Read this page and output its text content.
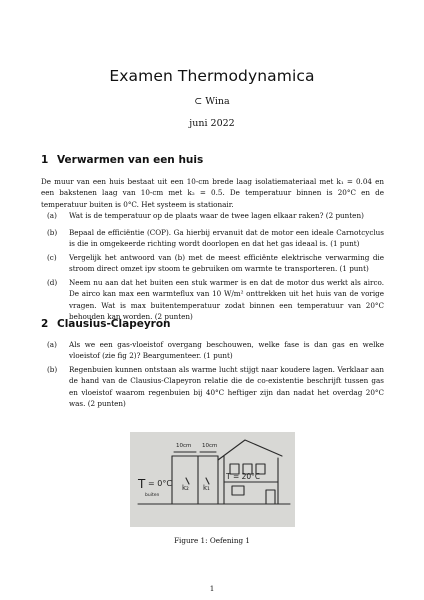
Examen Thermodynamica
⊂ Wina
juni 2022
1 Verwarmen van een huis
De muur van een huis bestaat uit een 10-cm brede laag isolatiemateriaal met k₁ = 0.04 en een bakstenen laag van 10-cm met k₂ = 0.5. De temperatuur binnen is 20°C en de temperatuur buiten is 0°C. Het systeem is stationair.
(a)	Wat is de temperatuur op de plaats waar de twee lagen elkaar raken? (2 punten)
(b)	Bepaal de efficiëntie (COP). Ga hierbij ervanuit dat de motor een ideale Carnotcyclus is die in omgekeerde richting wordt doorlopen en dat het gas ideaal is. (1 punt)
(c)	Vergelijk het antwoord van (b) met de meest efficiënte elektrische verwarming die stroom direct omzet ipv stoom te gebruiken om warmte te transporteren. (1 punt)
(d)	Neem nu aan dat het buiten een stuk warmer is en dat de motor dus werkt als airco. De airco kan max een warmteflux van 10 W/m² onttrekken uit het huis van de vorige vragen. Wat is max buitentemperatuur zodat binnen een temperatuur van 20°C behouden kan worden. (2 punten)
2 Clausius-Clapeyron
(a)	Als we een gas-vloeistof overgang beschouwen, welke fase is dan gas en welke vloeistof (zie fig 2)? Beargumenteer. (1 punt)
(b)	Regenbuien kunnen ontstaan als warme lucht stijgt naar koudere lagen. Verklaar aan de hand van de Clausius-Clapeyron relatie die de co-existentie beschrijft tussen gas en vloeistof waarom regenbuien bij 40°C heftiger zijn dan nadat het overdag 20°C was. (2 punten)
10cm 10cm
T
buiten
= 0°C k₂ k₁
T = 20°C
Figure 1: Oefening 1
1
